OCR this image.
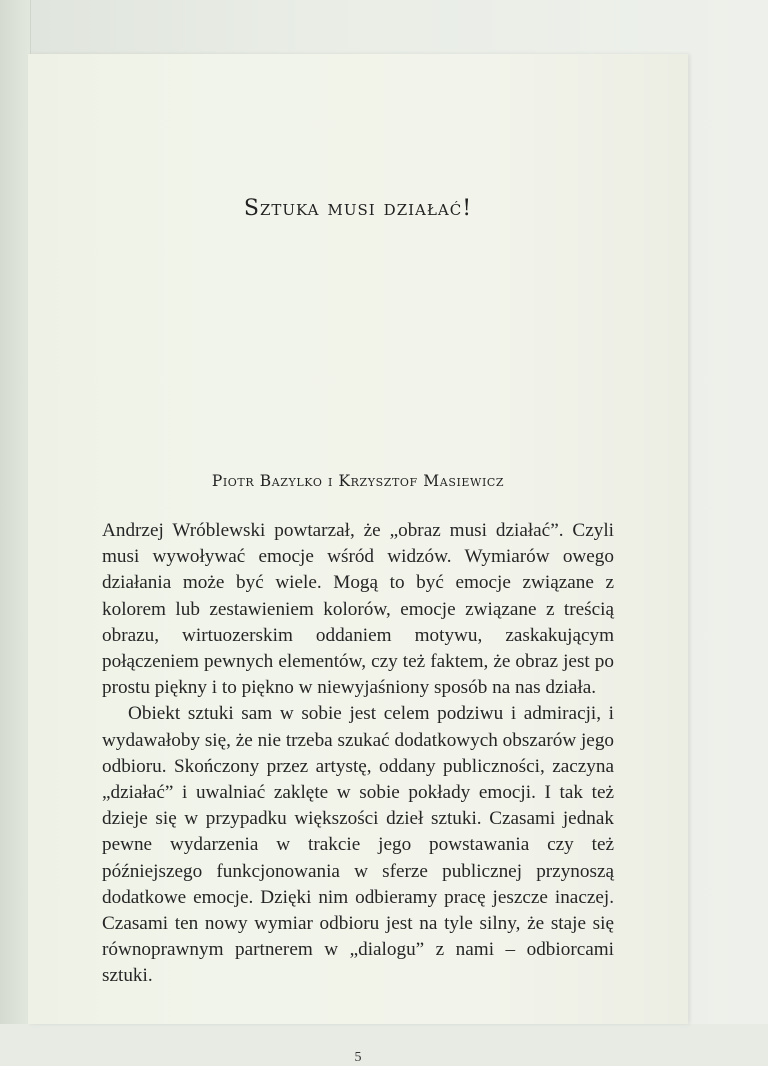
Sztuka musi działać!
Piotr Bazylko i Krzysztof Masiewicz

Andrzej Wróblewski powtarzał, że „obraz musi działać”. Czyli musi wywoływać emocje wśród widzów. Wymiarów owego działania może być wiele. Mogą to być emocje związane z kolorem lub zestawieniem kolorów, emocje związane z treścią obrazu, wirtuozerskim oddaniem motywu, zaskakującym połączeniem pewnych elementów, czy też faktem, że obraz jest po prostu piękny i to piękno w niewyjaśniony sposób na nas działa.

Obiekt sztuki sam w sobie jest celem podziwu i admiracji, i wydawałoby się, że nie trzeba szukać dodatkowych obszarów jego odbioru. Skończony przez artystę, oddany publiczności, zaczyna „działać” i uwalniać zaklęte w sobie pokłady emocji. I tak też dzieje się w przypadku większości dzieł sztuki. Czasami jednak pewne wydarzenia w trakcie jego powstawania czy też późniejszego funkcjonowania w sferze publicznej przynoszą dodatkowe emocje. Dzięki nim odbieramy pracę jeszcze inaczej. Czasami ten nowy wymiar odbioru jest na tyle silny, że staje się równoprawnym partnerem w „dialogu” z nami – odbiorcami sztuki.

5
